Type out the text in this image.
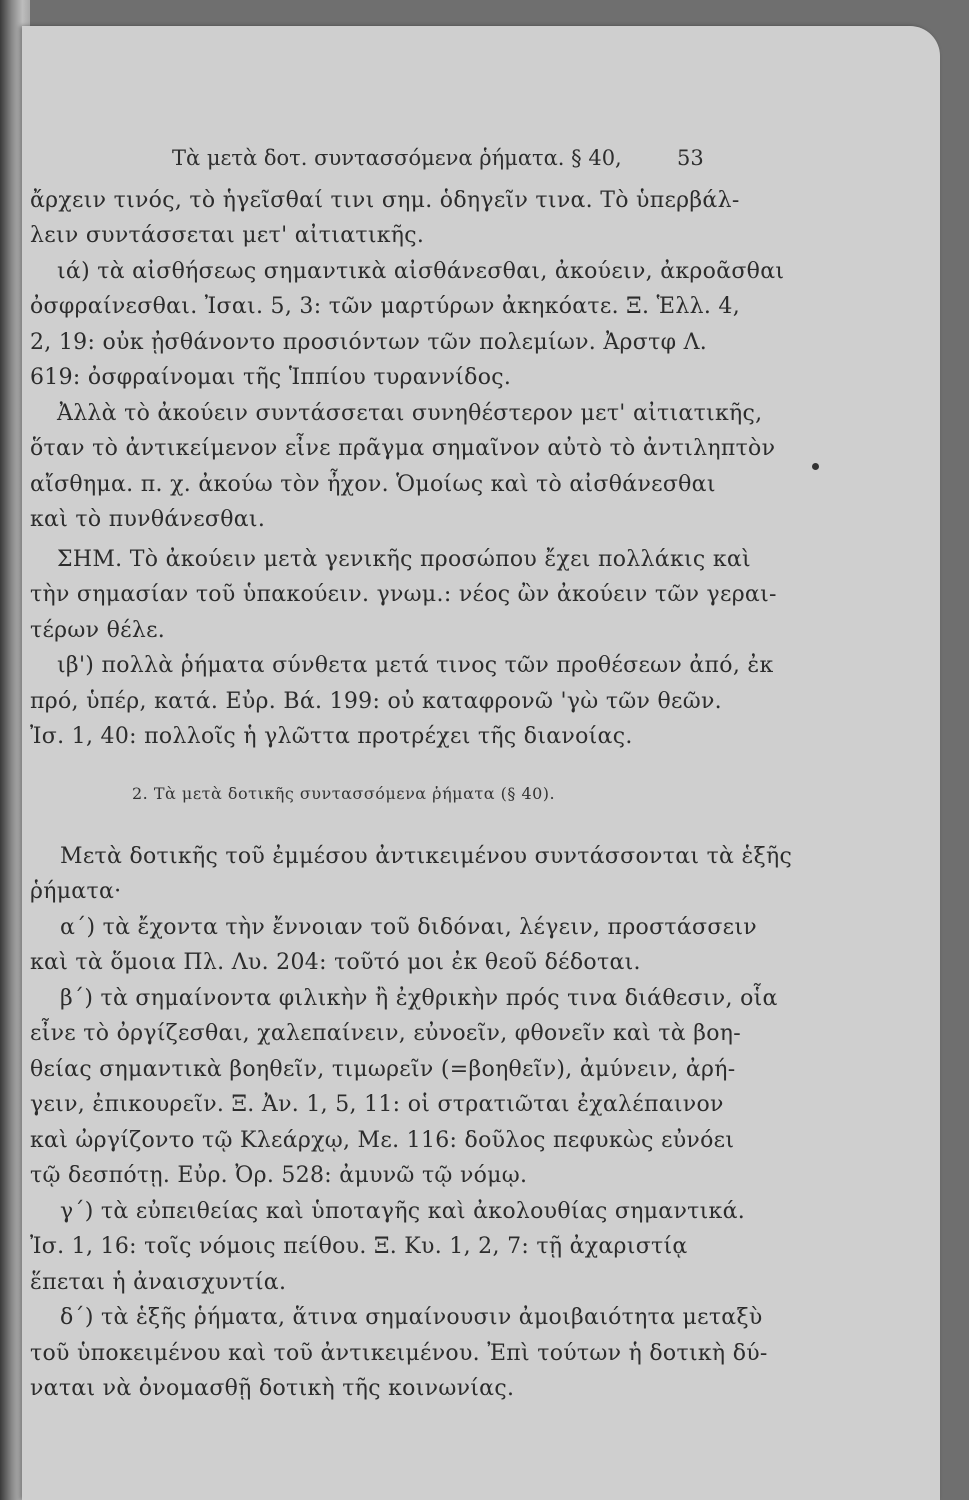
Τὰ μετὰ δοτ. συντασσόμενα ῥήματα. § 40,	53
ἄρχειν τινός, τὸ ἡγεῖσθαί τινι σημ. ὁδηγεῖν τινα. Τὸ ὑπερβάλ-
λειν συντάσσεται μετ' αἰτιατικῆς.
ιά) τὰ αἰσθήσεως σημαντικὰ αἰσθάνεσθαι, ἀκούειν, ἀκροᾶσθαι
ὀσφραίνεσθαι. Ἰσαι. 5, 3: τῶν μαρτύρων ἀκηκόατε. Ξ. Ἑλλ. 4,
2, 19: οὐκ ᾐσθάνοντο προσιόντων τῶν πολεμίων. Ἀρστφ Λ.
619: ὀσφραίνομαι τῆς Ἱππίου τυραννίδος.
Ἀλλὰ τὸ ἀκούειν συντάσσεται συνηθέστερον μετ' αἰτιατικῆς,
ὅταν τὸ ἀντικείμενον εἶνε πρᾶγμα σημαῖνον αὐτὸ τὸ ἀντιληπτὸν
αἴσθημα. π. χ. ἀκούω τὸν ἦχον. Ὁμοίως καὶ τὸ αἰσθάνεσθαι
καὶ τὸ πυνθάνεσθαι.
ΣΗΜ. Τὸ ἀκούειν μετὰ γενικῆς προσώπου ἔχει πολλάκις καὶ
τὴν σημασίαν τοῦ ὑπακούειν. γνωμ.: νέος ὢν ἀκούειν τῶν γεραι-
τέρων θέλε.
ιβ') πολλὰ ῥήματα σύνθετα μετά τινος τῶν προθέσεων ἀπό, ἐκ
πρό, ὑπέρ, κατά. Εὐρ. Βά. 199: οὐ καταφρονῶ 'γὼ τῶν θεῶν.
Ἰσ. 1, 40: πολλοῖς ἡ γλῶττα προτρέχει τῆς διανοίας.
2. Τὰ μετὰ δοτικῆς συντασσόμενα ῥήματα (§ 40).
Μετὰ δοτικῆς τοῦ ἐμμέσου ἀντικειμένου συντάσσονται τὰ ἑξῆς
ῥήματα·
α΄) τὰ ἔχοντα τὴν ἔννοιαν τοῦ διδόναι, λέγειν, προστάσσειν
καὶ τὰ ὅμοια Πλ. Λυ. 204: τοῦτό μοι ἐκ θεοῦ δέδοται.
β΄) τὰ σημαίνοντα φιλικὴν ἢ ἐχθρικὴν πρός τινα διάθεσιν, οἷα
εἶνε τὸ ὀργίζεσθαι, χαλεπαίνειν, εὐνοεῖν, φθονεῖν καὶ τὰ βοη-
θείας σημαντικὰ βοηθεῖν, τιμωρεῖν (=βοηθεῖν), ἀμύνειν, ἀρή-
γειν, ἐπικουρεῖν. Ξ. Ἀν. 1, 5, 11: οἱ στρατιῶται ἐχαλέπαινον
καὶ ὠργίζοντο τῷ Κλεάρχῳ, Με. 116: δοῦλος πεφυκὼς εὐνόει
τῷ δεσπότῃ. Εὐρ. Ὀρ. 528: ἀμυνῶ τῷ νόμῳ.
γ΄) τὰ εὐπειθείας καὶ ὑποταγῆς καὶ ἀκολουθίας σημαντικά.
Ἰσ. 1, 16: τοῖς νόμοις πείθου. Ξ. Κυ. 1, 2, 7: τῇ ἀχαριστίᾳ
ἕπεται ἡ ἀναισχυντία.
δ΄) τὰ ἑξῆς ῥήματα, ἅτινα σημαίνουσιν ἀμοιβαιότητα μεταξὺ
τοῦ ὑποκειμένου καὶ τοῦ ἀντικειμένου. Ἐπὶ τούτων ἡ δοτικὴ δύ-
ναται νὰ ὀνομασθῇ δοτικὴ τῆς κοινωνίας.
